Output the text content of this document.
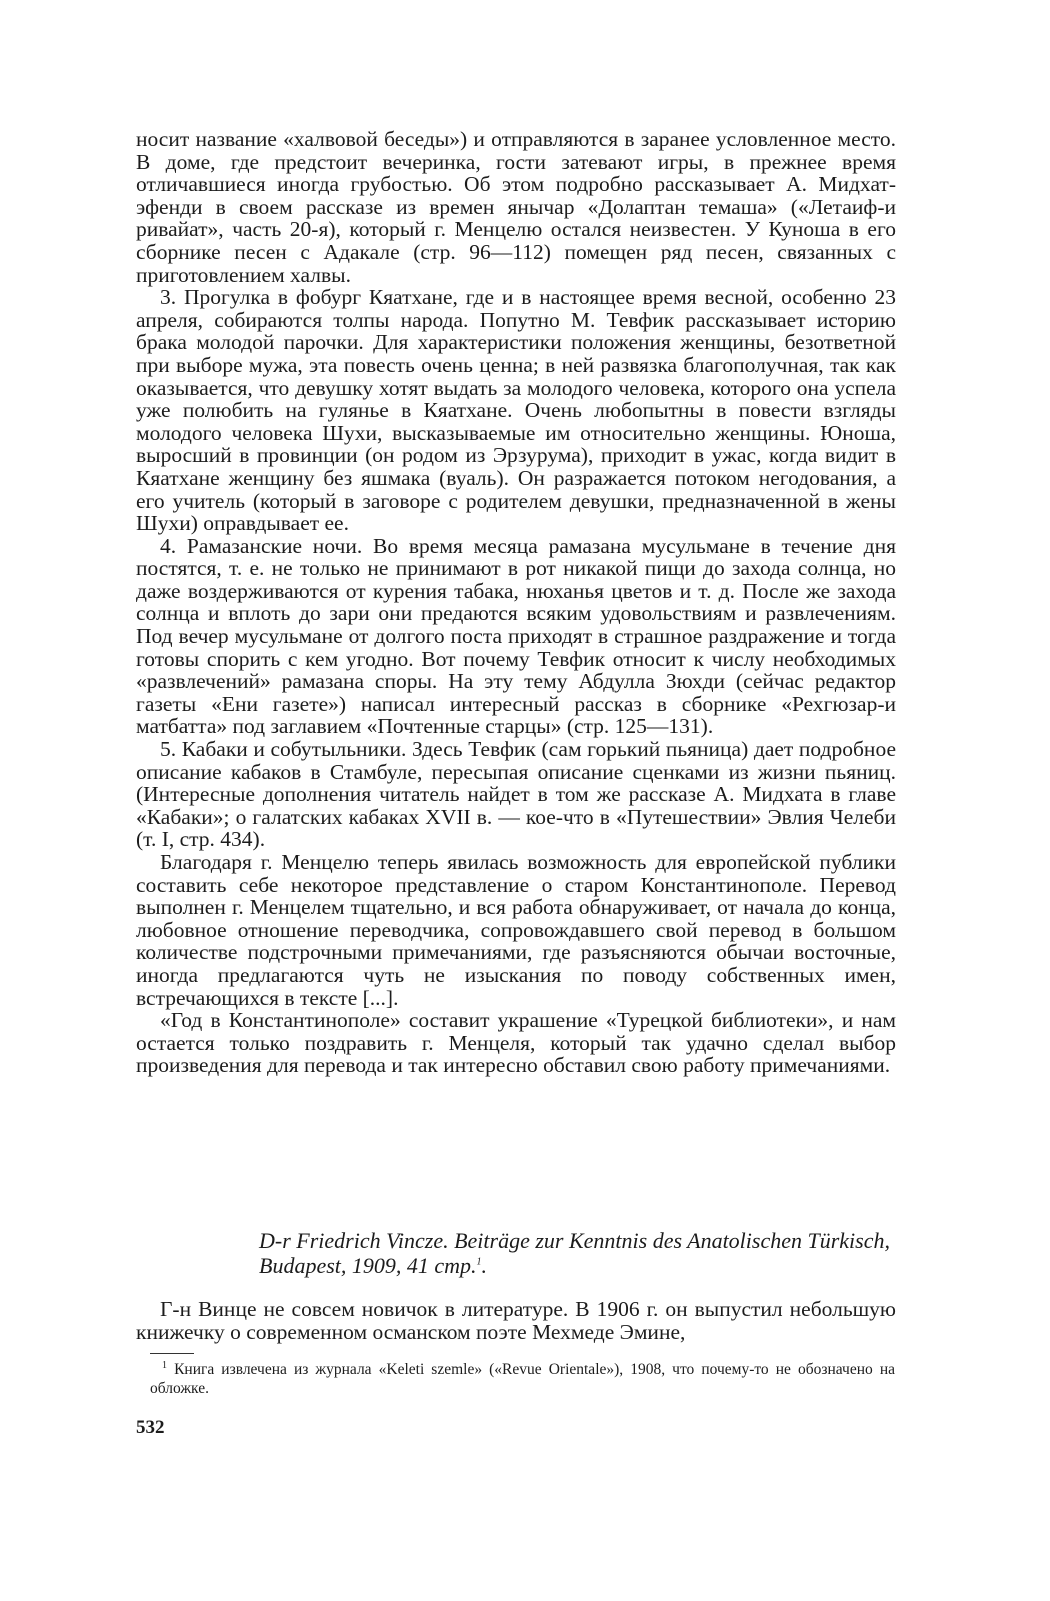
носит название «халвовой беседы») и отправляются в заранее условленное место. В доме, где предстоит вечеринка, гости затевают игры, в прежнее время отличавшиеся иногда грубостью. Об этом подробно рассказывает А. Мидхат-эфенди в своем рассказе из времен янычар «Долаптан темаша» («Летаиф-и ривайат», часть 20-я), который г. Менцелю остался неизвестен. У Куноша в его сборнике песен с Адакале (стр. 96—112) помещен ряд песен, связанных с приготовлением халвы.

3. Прогулка в фобург Кяатхане, где и в настоящее время весной, особенно 23 апреля, собираются толпы народа. Попутно М. Тевфик рассказывает историю брака молодой парочки. Для характеристики положения женщины, безответной при выборе мужа, эта повесть очень ценна; в ней развязка благополучная, так как оказывается, что девушку хотят выдать за молодого человека, которого она успела уже полюбить на гулянье в Кяатхане. Очень любопытны в повести взгляды молодого человека Шухи, высказываемые им относительно женщины. Юноша, выросший в провинции (он родом из Эрзурума), приходит в ужас, когда видит в Кяатхане женщину без яшмака (вуаль). Он разражается потоком негодования, а его учитель (который в заговоре с родителем девушки, предназначенной в жены Шухи) оправдывает ее.

4. Рамазанские ночи. Во время месяца рамазана мусульмане в течение дня постятся, т. е. не только не принимают в рот никакой пищи до захода солнца, но даже воздерживаются от курения табака, нюханья цветов и т. д. После же захода солнца и вплоть до зари они предаются всяким удовольствиям и развлечениям. Под вечер мусульмане от долгого поста приходят в страшное раздражение и тогда готовы спорить с кем угодно. Вот почему Тевфик относит к числу необходимых «развлечений» рамазана споры. На эту тему Абдулла Зюхди (сейчас редактор газеты «Ени газете») написал интересный рассказ в сборнике «Рехгюзар-и матбатта» под заглавием «Почтенные старцы» (стр. 125—131).

5. Кабаки и собутыльники. Здесь Тевфик (сам горький пьяница) дает подробное описание кабаков в Стамбуле, пересыпая описание сценками из жизни пьяниц. (Интересные дополнения читатель найдет в том же рассказе А. Мидхата в главе «Кабаки»; о галатских кабаках XVII в. — кое-что в «Путешествии» Эвлия Челеби (т. I, стр. 434).

Благодаря г. Менцелю теперь явилась возможность для европейской публики составить себе некоторое представление о старом Константинополе. Перевод выполнен г. Менцелем тщательно, и вся работа обнаруживает, от начала до конца, любовное отношение переводчика, сопровождавшего свой перевод в большом количестве подстрочными примечаниями, где разъясняются обычаи восточные, иногда предлагаются чуть не изыскания по поводу собственных имен, встречающихся в тексте [...].

«Год в Константинополе» составит украшение «Турецкой библиотеки», и нам остается только поздравить г. Менцеля, который так удачно сделал выбор произведения для перевода и так интересно обставил свою работу примечаниями.

D-r Friedrich Vincze. Beiträge zur Kenntnis des Anatolischen Türkisch, Budapest, 1909, 41 стр.$^1$.

Г-н Винце не совсем новичок в литературе. В 1906 г. он выпустил небольшую книжечку о современном османском поэте Мехмеде Эмине,

$^1$ Книга извлечена из журнала «Keleti szemle» («Revue Orientale»), 1908, что почему-то не обозначено на обложке.

532
